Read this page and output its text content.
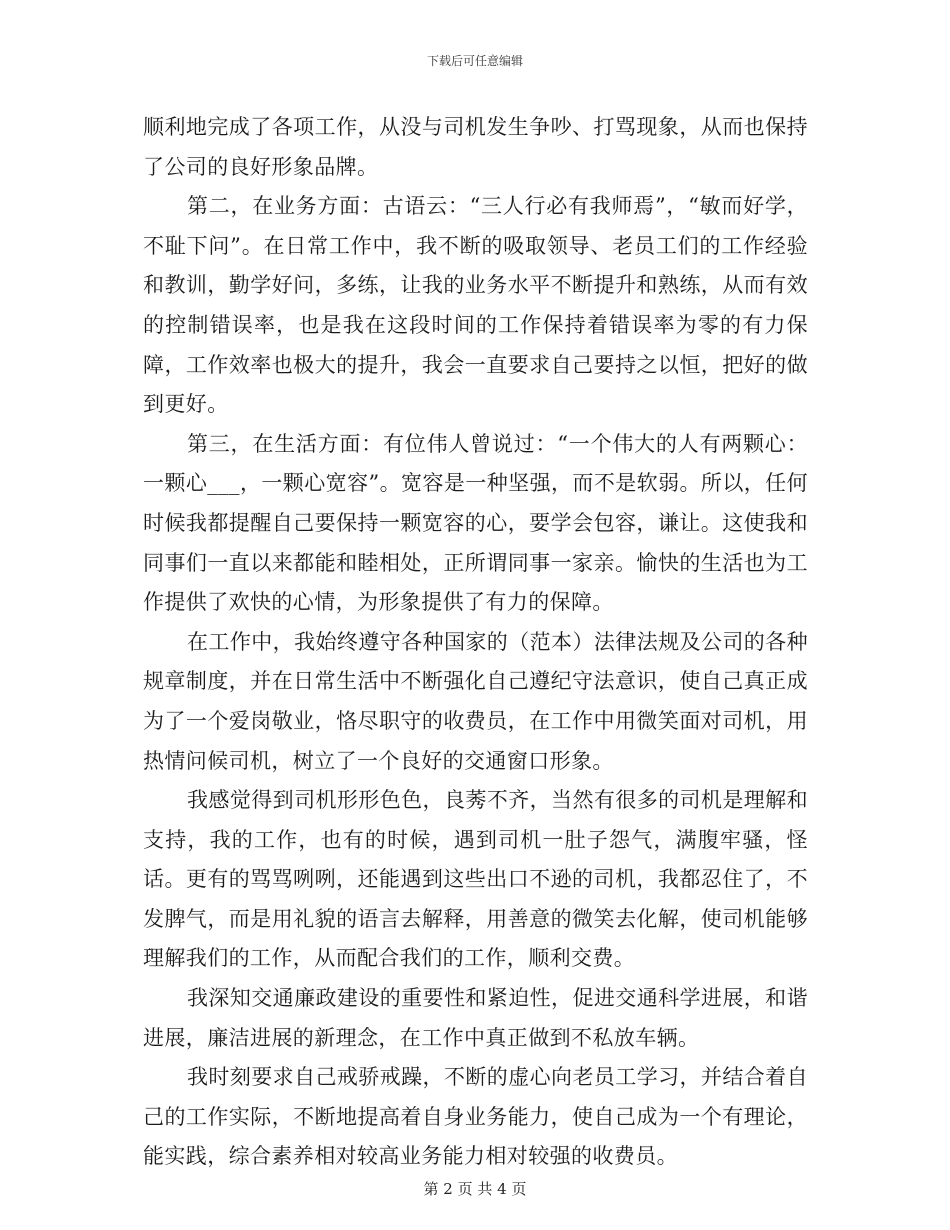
下载后可任意编辑

顺利地完成了各项工作，从没与司机发生争吵、打骂现象，从而也保持了公司的良好形象品牌。

第二，在业务方面：古语云：“三人行必有我师焉”，“敏而好学，不耻下问”。在日常工作中，我不断的吸取领导、老员工们的工作经验和教训，勤学好问，多练，让我的业务水平不断提升和熟练，从而有效的控制错误率，也是我在这段时间的工作保持着错误率为零的有力保障，工作效率也极大的提升，我会一直要求自己要持之以恒，把好的做到更好。

第三，在生活方面：有位伟人曾说过：“一个伟大的人有两颗心：一颗心___，一颗心宽容”。宽容是一种坚强，而不是软弱。所以，任何时候我都提醒自己要保持一颗宽容的心，要学会包容，谦让。这使我和同事们一直以来都能和睦相处，正所谓同事一家亲。愉快的生活也为工作提供了欢快的心情，为形象提供了有力的保障。

在工作中，我始终遵守各种国家的（范本）法律法规及公司的各种规章制度，并在日常生活中不断强化自己遵纪守法意识，使自己真正成为了一个爱岗敬业，恪尽职守的收费员，在工作中用微笑面对司机，用热情问候司机，树立了一个良好的交通窗口形象。

我感觉得到司机形形色色，良莠不齐，当然有很多的司机是理解和支持，我的工作，也有的时候，遇到司机一肚子怨气，满腹牢骚，怪话。更有的骂骂咧咧，还能遇到这些出口不逊的司机，我都忍住了，不发脾气，而是用礼貌的语言去解释，用善意的微笑去化解，使司机能够理解我们的工作，从而配合我们的工作，顺利交费。

我深知交通廉政建设的重要性和紧迫性，促进交通科学进展，和谐进展，廉洁进展的新理念，在工作中真正做到不私放车辆。

我时刻要求自己戒骄戒躁，不断的虚心向老员工学习，并结合着自己的工作实际，不断地提高着自身业务能力，使自己成为一个有理论，能实践，综合素养相对较高业务能力相对较强的收费员。

第 2 页 共 4 页
